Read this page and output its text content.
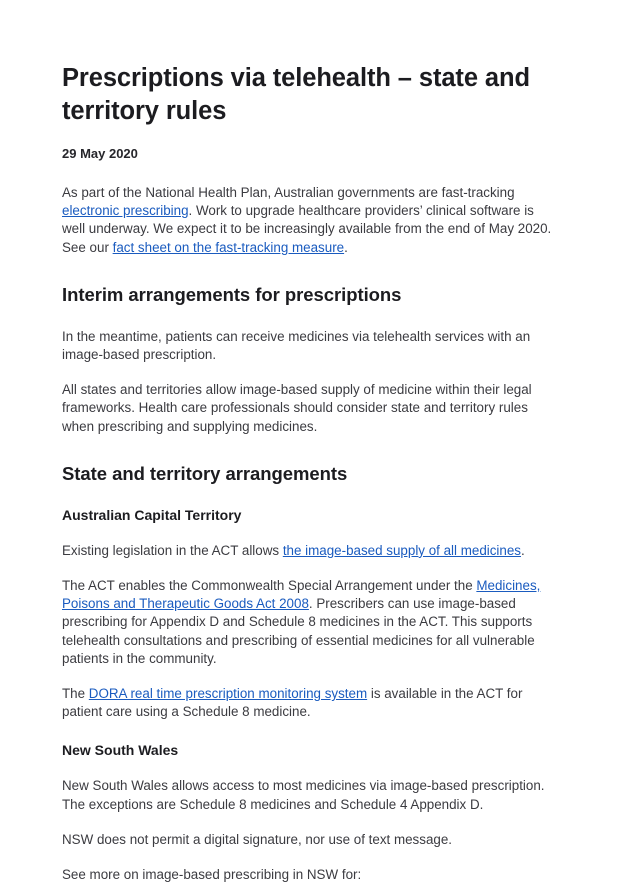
Prescriptions via telehealth – state and territory rules
29 May 2020

As part of the National Health Plan, Australian governments are fast-tracking electronic prescribing. Work to upgrade healthcare providers’ clinical software is well underway. We expect it to be increasingly available from the end of May 2020. See our fact sheet on the fast-tracking measure.

Interim arrangements for prescriptions

In the meantime, patients can receive medicines via telehealth services with an image-based prescription.

All states and territories allow image-based supply of medicine within their legal frameworks. Health care professionals should consider state and territory rules when prescribing and supplying medicines.

State and territory arrangements
Australian Capital Territory

Existing legislation in the ACT allows the image-based supply of all medicines.

The ACT enables the Commonwealth Special Arrangement under the Medicines, Poisons and Therapeutic Goods Act 2008. Prescribers can use image-based prescribing for Appendix D and Schedule 8 medicines in the ACT. This supports telehealth consultations and prescribing of essential medicines for all vulnerable patients in the community.

The DORA real time prescription monitoring system is available in the ACT for patient care using a Schedule 8 medicine.

New South Wales

New South Wales allows access to most medicines via image-based prescription. The exceptions are Schedule 8 medicines and Schedule 4 Appendix D.

NSW does not permit a digital signature, nor use of text message.

See more on image-based prescribing in NSW for:
